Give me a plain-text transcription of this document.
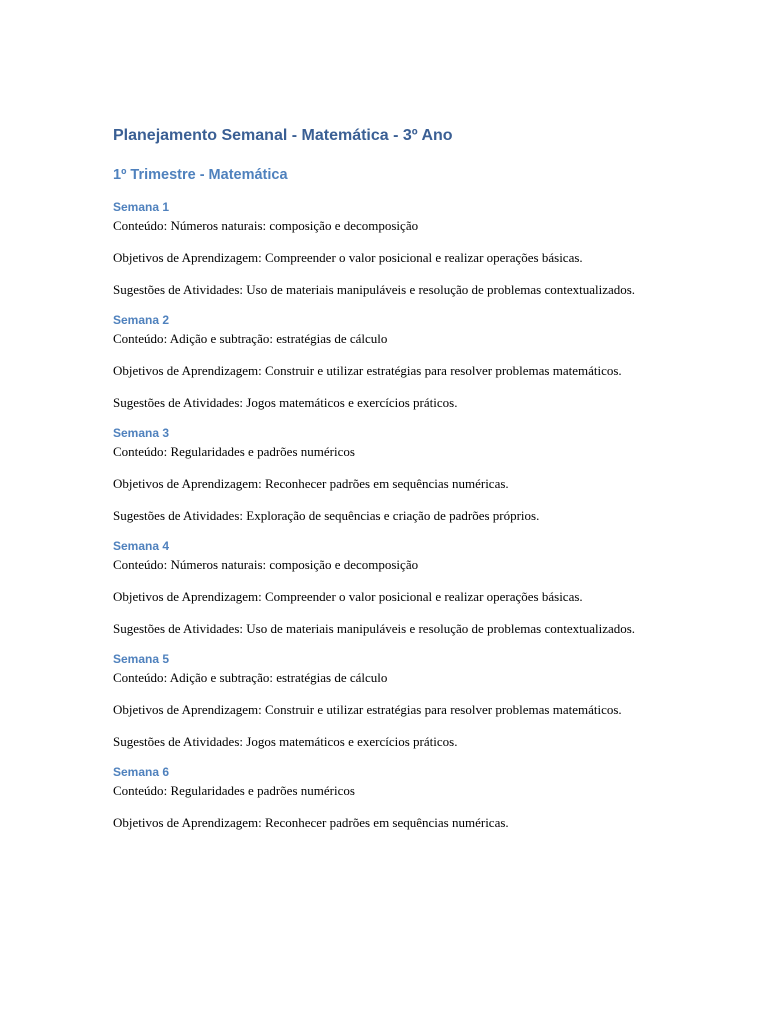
Planejamento Semanal - Matemática - 3º Ano
1º Trimestre - Matemática
Semana 1

Conteúdo : Números naturais: composição e decomposição

Objetivos de Aprendizagem : Compreender o valor posicional e realizar operações básicas.

Sugestões de Atividades : Uso de materiais manipuláveis e resolução de problemas contextualizados.

Semana 2

Conteúdo : Adição e subtração: estratégias de cálculo

Objetivos de Aprendizagem : Construir e utilizar estratégias para resolver problemas matemáticos.

Sugestões de Atividades : Jogos matemáticos e exercícios práticos.

Semana 3

Conteúdo : Regularidades e padrões numéricos

Objetivos de Aprendizagem : Reconhecer padrões em sequências numéricas.

Sugestões de Atividades : Exploração de sequências e criação de padrões próprios.

Semana 4

Conteúdo : Números naturais: composição e decomposição

Objetivos de Aprendizagem : Compreender o valor posicional e realizar operações básicas.

Sugestões de Atividades : Uso de materiais manipuláveis e resolução de problemas contextualizados.

Semana 5

Conteúdo : Adição e subtração: estratégias de cálculo

Objetivos de Aprendizagem : Construir e utilizar estratégias para resolver problemas matemáticos.

Sugestões de Atividades : Jogos matemáticos e exercícios práticos.

Semana 6

Conteúdo : Regularidades e padrões numéricos

Objetivos de Aprendizagem : Reconhecer padrões em sequências numéricas.
